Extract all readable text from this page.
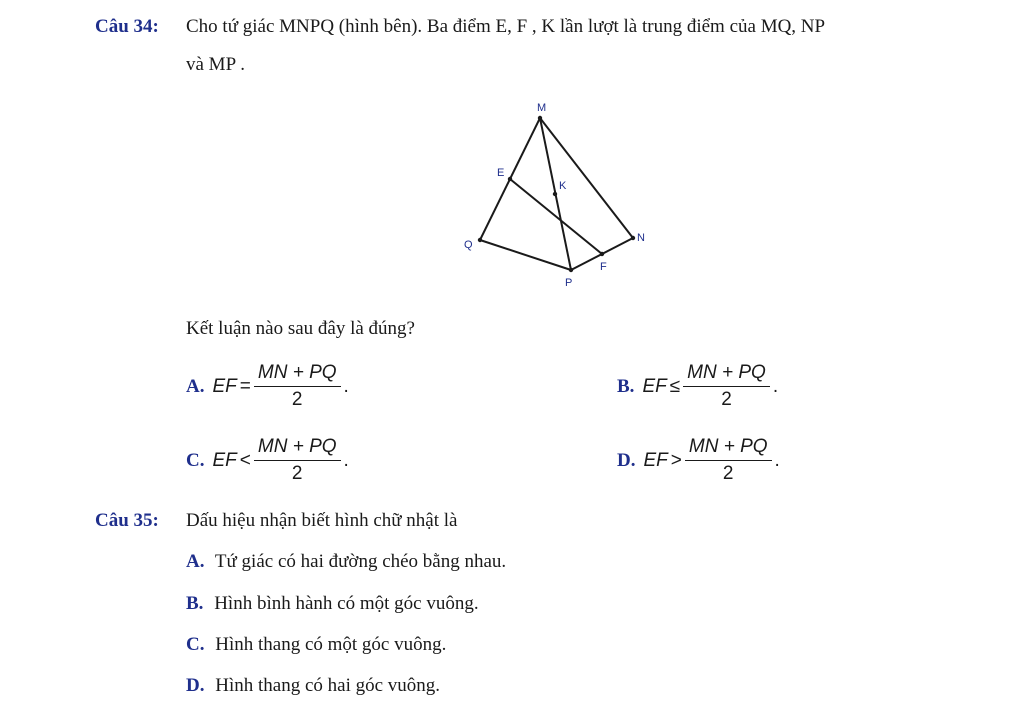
Câu 34: Cho tứ giác MNPQ (hình bên). Ba điểm E, F , K lần lượt là trung điểm của MQ, NP
và MP .
M
N
P
Q
E
F
K
Kết luận nào sau đây là đúng?
A. EF = $\frac{MN + PQ}{2}$ .	B. EF ≤ $\frac{MN + PQ}{2}$ .
C. EF < $\frac{MN + PQ}{2}$ .	D. EF > $\frac{MN + PQ}{2}$ .
Câu 35: Dấu hiệu nhận biết hình chữ nhật là
A. Tứ giác có hai đường chéo bằng nhau.
B. Hình bình hành có một góc vuông.
C. Hình thang có một góc vuông.
D. Hình thang có hai góc vuông.
